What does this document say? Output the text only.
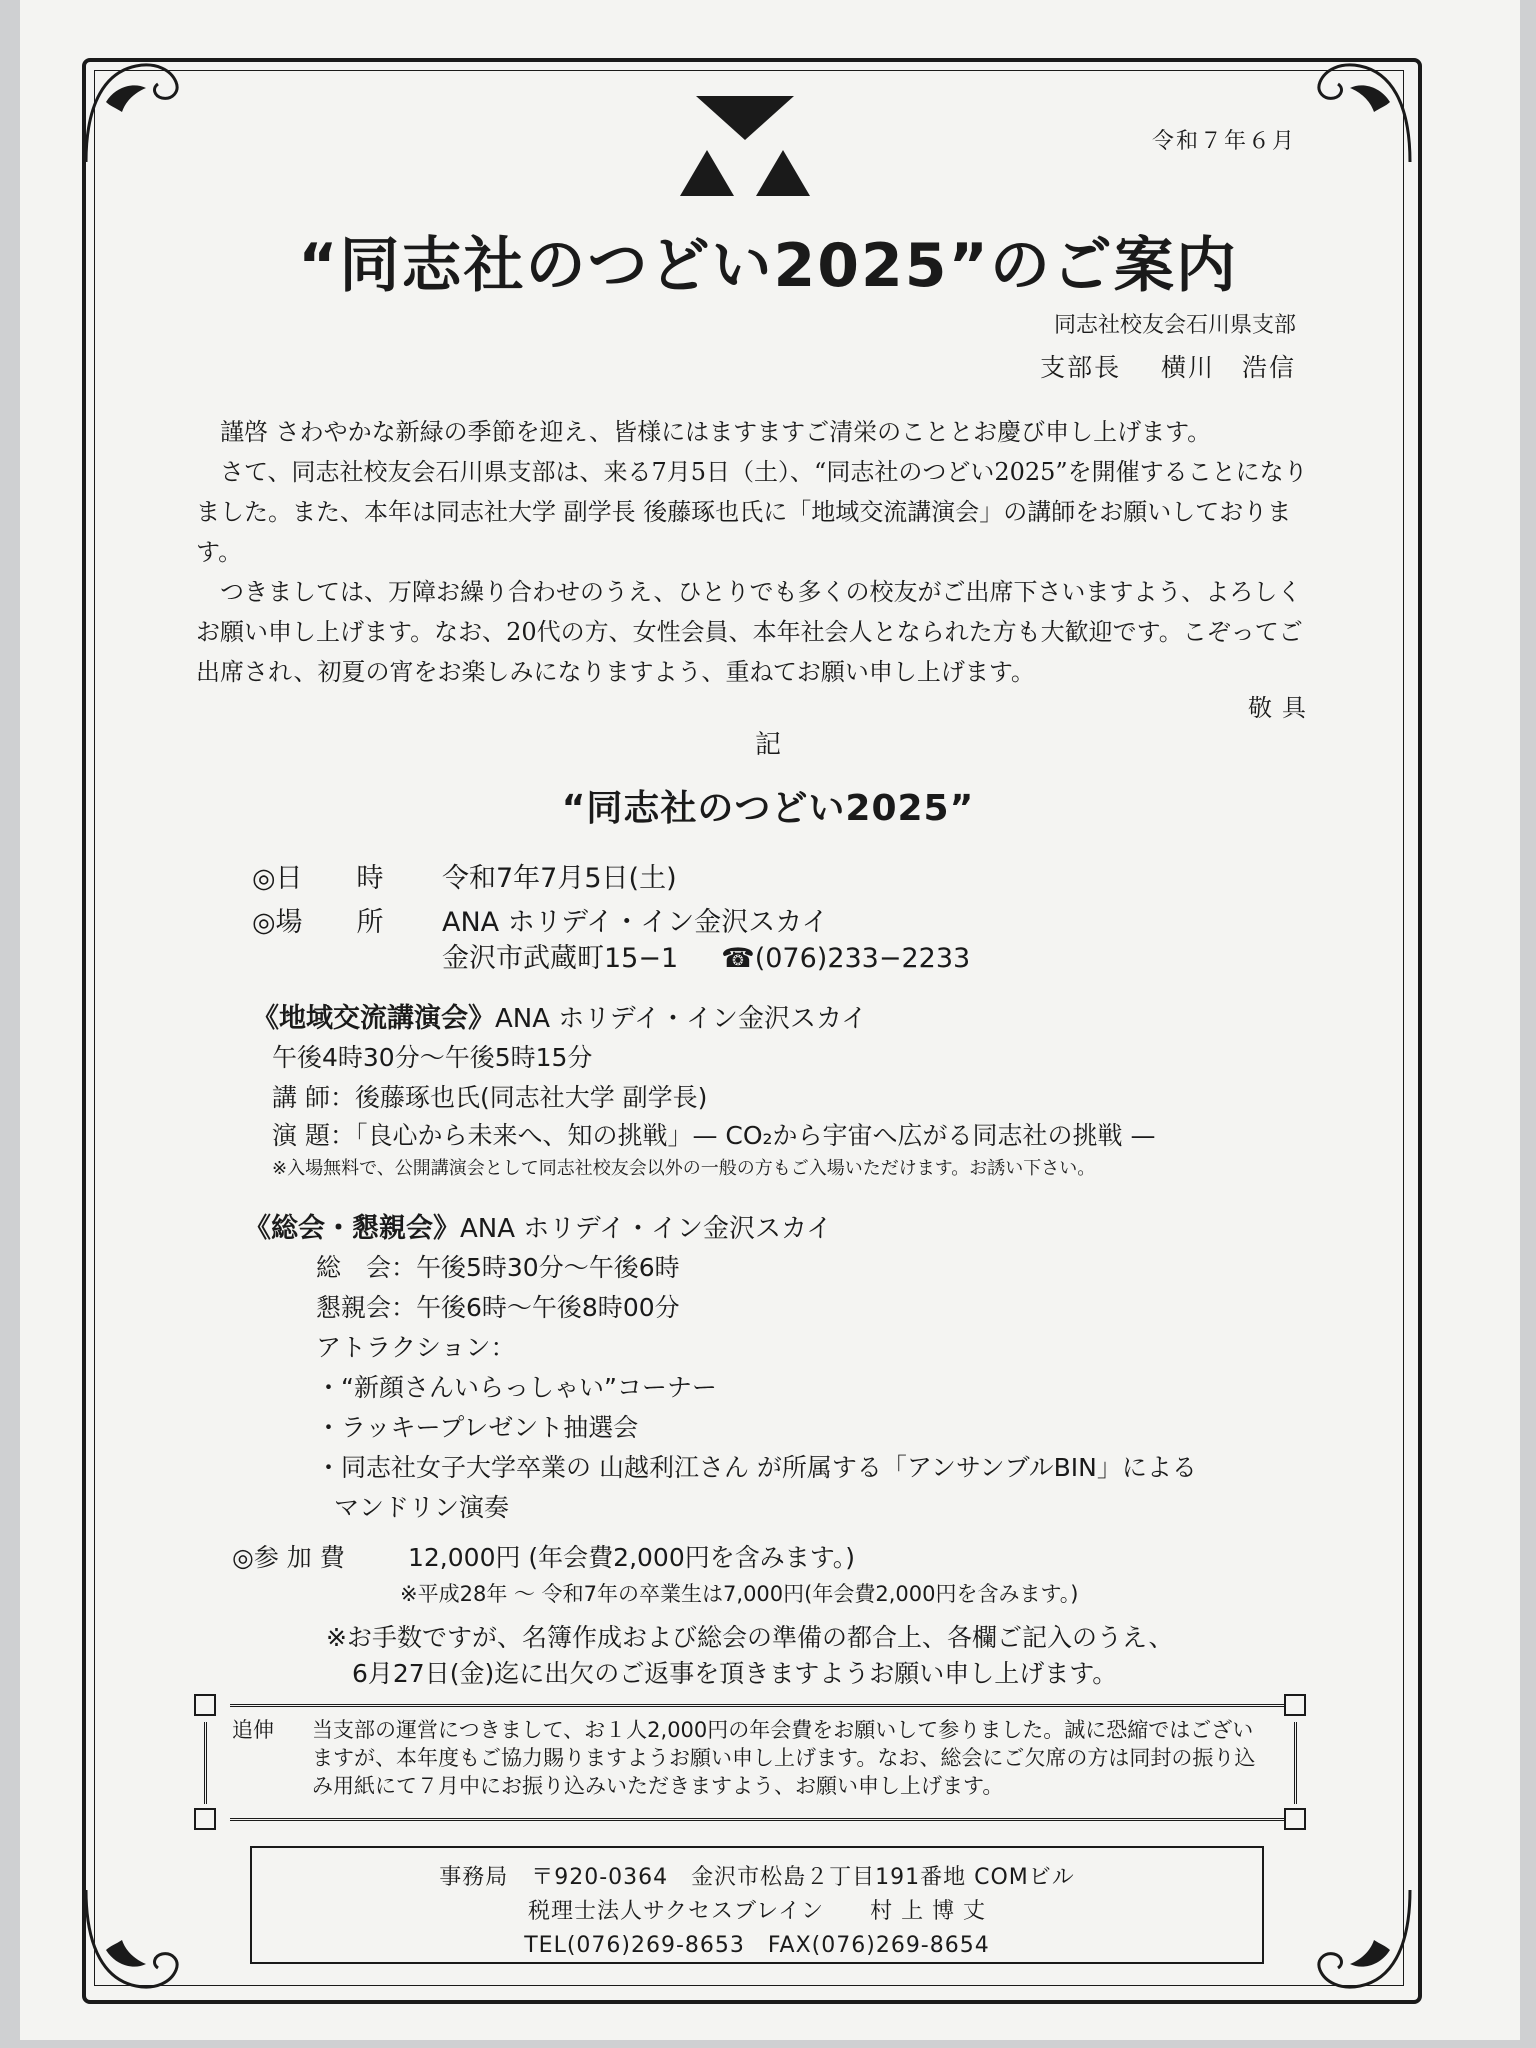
令和７年６月
“同志社のつどい2025”のご案内
同志社校友会石川県支部
支部長 横川　浩信

謹啓 さわやかな新緑の季節を迎え、皆様にはますますご清栄のこととお慶び申し上げます。

さて、同志社校友会石川県支部は、来る7月5日（土）、“同志社のつどい2025”を開催することになりました。また、本年は同志社大学 副学長 後藤琢也氏に「地域交流講演会」の講師をお願いしております。

つきましては、万障お繰り合わせのうえ、ひとりでも多くの校友がご出席下さいますよう、よろしくお願い申し上げます。なお、20代の方、女性会員、本年社会人となられた方も大歓迎です。こぞってご出席され、初夏の宵をお楽しみになりますよう、重ねてお願い申し上げます。

敬具
記
“同志社のつどい2025”
◎日　　時 令和7年7月5日(土)
◎場　　所 ANA ホリデイ・イン金沢スカイ
金沢市武蔵町15−1 ☎(076)233−2233
《地域交流講演会》ANA ホリデイ・イン金沢スカイ
午後4時30分〜午後5時15分
講 師：後藤琢也氏(同志社大学 副学長)
演 題：「良心から未来へ、知の挑戦」— CO₂から宇宙へ広がる同志社の挑戦 —
※入場無料で、公開講演会として同志社校友会以外の一般の方もご入場いただけます。お誘い下さい。
《総会・懇親会》ANA ホリデイ・イン金沢スカイ
総　会：午後5時30分〜午後6時
懇親会：午後6時〜午後8時00分
アトラクション：
・“新顔さんいらっしゃい”コーナー
・ラッキープレゼント抽選会
・同志社女子大学卒業の 山越利江さん が所属する「アンサンブルBIN」による
マンドリン演奏
◎参 加 費	12,000円 (年会費2,000円を含みます。)
※平成28年 〜 令和7年の卒業生は7,000円(年会費2,000円を含みます。)
※お手数ですが、名簿作成および総会の準備の都合上、各欄ご記入のうえ、
6月27日(金)迄に出欠のご返事を頂きますようお願い申し上げます。
追伸 当支部の運営につきまして、お１人2,000円の年会費をお願いして参りました。誠に恐縮ではございますが、本年度もご協力賜りますようお願い申し上げます。なお、総会にご欠席の方は同封の振り込み用紙にて７月中にお振り込みいただきますよう、お願い申し上げます。
事務局　〒920-0364　金沢市松島２丁目191番地 COMビル
税理士法人サクセスブレイン　　村 上 博 丈
TEL(076)269-8653　FAX(076)269-8654
